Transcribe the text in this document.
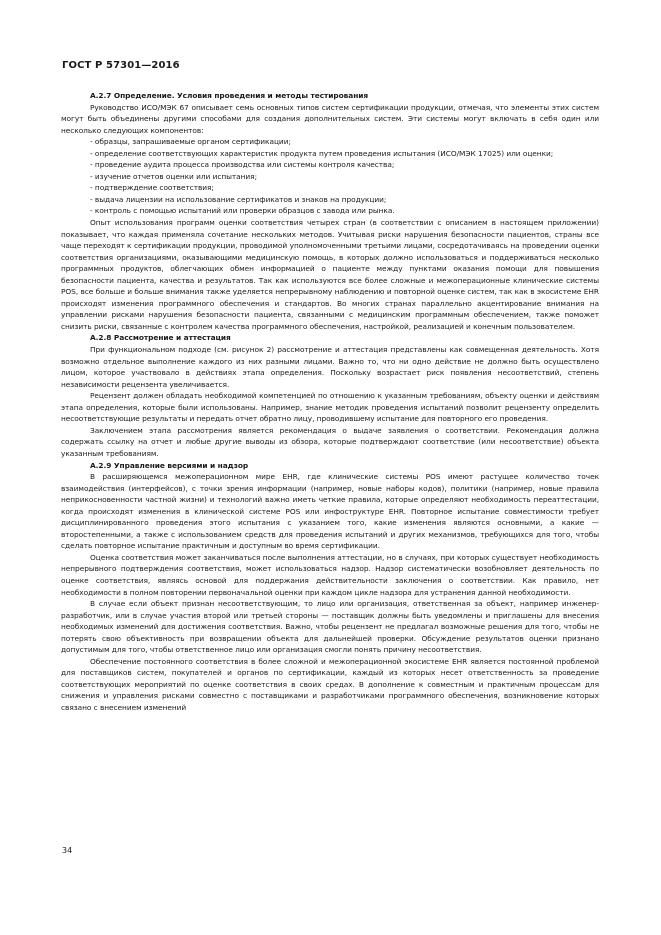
ГОСТ Р 57301—2016

А.2.7 Определение. Условия проведения и методы тестирования

Руководство ИСО/МЭК 67 описывает семь основных типов систем сертификации продукции, отмечая, что элементы этих систем могут быть объединены другими способами для создания дополнительных систем. Эти системы могут включать в себя один или несколько следующих компонентов:

- образцы, запрашиваемые органом сертификации;

- определение соответствующих характеристик продукта путем проведения испытания (ИСО/МЭК 17025) или оценки;

- проведение аудита процесса производства или системы контроля качества;

- изучение отчетов оценки или испытания;

- подтверждение соответствия;

- выдача лицензии на использование сертификатов и знаков на продукции;

- контроль с помощью испытаний или проверки образцов с завода или рынка.

Опыт использования программ оценки соответствия четырех стран (в соответствии с описанием в настоящем приложении) показывает, что каждая применяла сочетание нескольких методов. Учитывая риски нарушения безопасности пациентов, страны все чаще переходят к сертификации продукции, проводимой уполномоченными третьими лицами, сосредотачиваясь на проведении оценки соответствия организациями, оказывающими медицинскую помощь, в которых должно использоваться и поддерживаться несколько программных продуктов, облегчающих обмен информацией о пациенте между пунктами оказания помощи для повышения безопасности пациента, качества и результатов. Так как используются все более сложные и межоперационные клинические системы POS, все больше и больше внимания также уделяется непрерывному наблюдению и повторной оценке систем, так как в экосистеме EHR происходят изменения программного обеспечения и стандартов. Во многих странах параллельно акцентирование внимания на управлении рисками нарушения безопасности пациента, связанными с медицинским программным обеспечением, также поможет снизить риски, связанные с контролем качества программного обеспечения, настройкой, реализацией и конечным пользователем.

А.2.8 Рассмотрение и аттестация

При функциональном подходе (см. рисунок 2) рассмотрение и аттестация представлены как совмещенная деятельность. Хотя возможно отдельное выполнение каждого из них разными лицами. Важно то, что ни одно действие не должно быть осуществлено лицом, которое участвовало в действиях этапа определения. Поскольку возрастает риск появления несоответствий, степень независимости рецензента увеличивается.

Рецензент должен обладать необходимой компетенцией по отношению к указанным требованиям, объекту оценки и действиям этапа определения, которые были использованы. Например, знание методик проведения испытаний позволит рецензенту определить несоответствующие результаты и передать отчет обратно лицу, проводившему испытание для повторного его проведения.

Заключением этапа рассмотрения является рекомендация о выдаче заявления о соответствии. Рекомендация должна содержать ссылку на отчет и любые другие выводы из обзора, которые подтверждают соответствие (или несоответствие) объекта указанным требованиям.

А.2.9 Управление версиями и надзор

В расширяющемся межоперационном мире EHR, где клинические системы POS имеют растущее количество точек взаимодействия (интерфейсов), с точки зрения информации (например, новые наборы кодов), политики (например, новые правила неприкосновенности частной жизни) и технологий важно иметь четкие правила, которые определяют необходимость переаттестации, когда происходят изменения в клинической системе POS или инфоструктуре EHR. Повторное испытание совместимости требует дисциплинированного проведения этого испытания с указанием того, какие изменения являются основными, а какие — второстепенными, а также с использованием средств для проведения испытаний и других механизмов, требующихся для того, чтобы сделать повторное испытание практичным и доступным во время сертификации.

Оценка соответствия может заканчиваться после выполнения аттестации, но в случаях, при которых существует необходимость непрерывного подтверждения соответствия, может использоваться надзор. Надзор систематически возобновляет деятельность по оценке соответствия, являясь основой для поддержания действительности заключения о соответствии. Как правило, нет необходимости в полном повторении первоначальной оценки при каждом цикле надзора для устранения данной необходимости.

В случае если объект признан несоответствующим, то лицо или организация, ответственная за объект, например инженер-разработчик, или в случае участия второй или третьей стороны — поставщик должны быть уведомлены и приглашены для внесения необходимых изменений для достижения соответствия. Важно, чтобы рецензент не предлагал возможные решения для того, чтобы не потерять свою объективность при возвращении объекта для дальнейшей проверки. Обсуждение результатов оценки признано допустимым для того, чтобы ответственное лицо или организация смогли понять причину несоответствия.

Обеспечение постоянного соответствия в более сложной и межоперационной экосистеме EHR является постоянной проблемой для поставщиков систем, покупателей и органов по сертификации, каждый из которых несет ответственность за проведение соответствующих мероприятий по оценке соответствия в своих средах. В дополнение к совместным и практичным процессам для снижения и управления рисками совместно с поставщиками и разработчиками программного обеспечения, возникновение которых связано с внесением изменений

34
